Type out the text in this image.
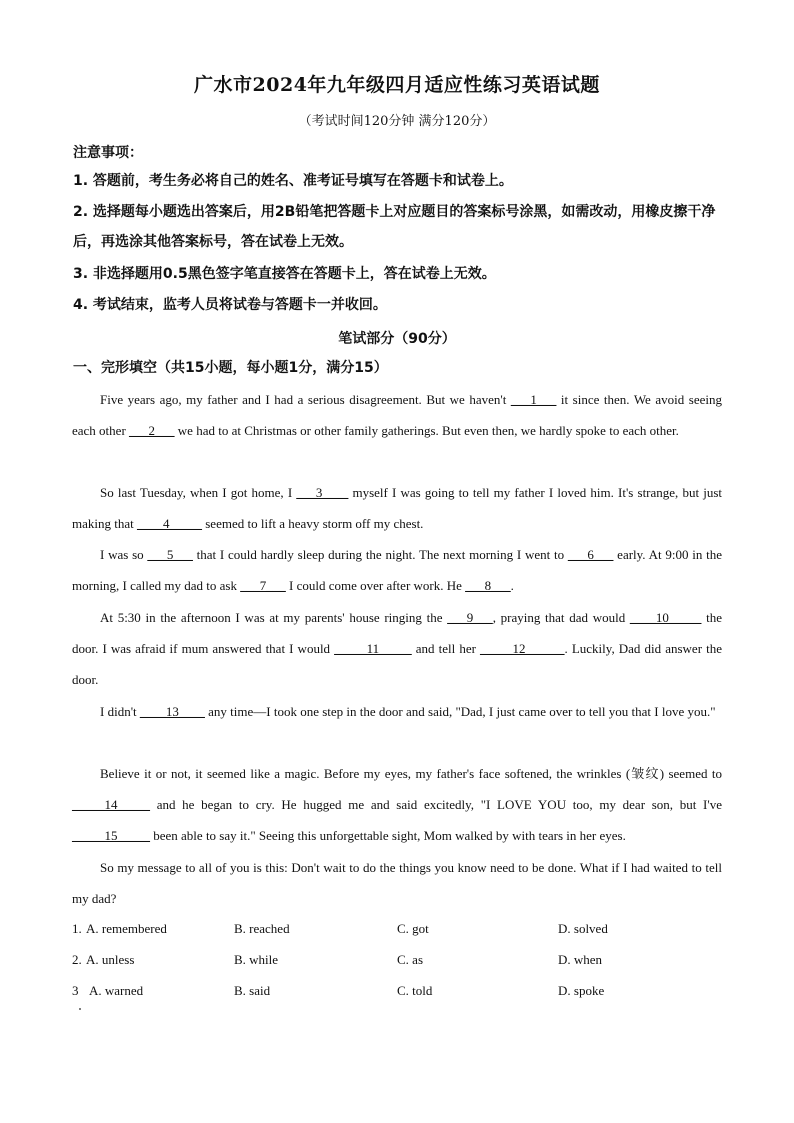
广水市2024年九年级四月适应性练习英语试题
（考试时间120分钟 满分120分）
注意事项：
1. 答题前，考生务必将自己的姓名、准考证号填写在答题卡和试卷上。
2. 选择题每小题选出答案后，用2B铅笔把答题卡上对应题目的答案标号涂黑，如需改动，用橡皮擦干净后，再选涂其他答案标号，答在试卷上无效。
3. 非选择题用0.5黑色签字笔直接答在答题卡上，答在试卷上无效。
4. 考试结束，监考人员将试卷与答题卡一并收回。
笔试部分（90分）
一、完形填空（共15小题，每小题1分，满分15）
Five years ago, my father and I had a serious disagreement. But we haven't ___1___ it since then. We avoid seeing each other ___2___ we had to at Christmas or other family gatherings. But even then, we hardly spoke to each other.
So last Tuesday, when I got home, I ___3____ myself I was going to tell my father I loved him. It's strange, but just making that ____4_____ seemed to lift a heavy storm off my chest.
I was so ___5___ that I could hardly sleep during the night. The next morning I went to ___6___ early. At 9:00 in the morning, I called my dad to ask ___7___ I could come over after work. He ___8___.
At 5:30 in the afternoon I was at my parents' house ringing the ___9___, praying that dad would ____10_____ the door. I was afraid if mum answered that I would _____11_____ and tell her _____12______. Luckily, Dad did answer the door.
I didn't ____13____ any time—I took one step in the door and said, "Dad, I just came over to tell you that I love you."
Believe it or not, it seemed like a magic. Before my eyes, my father's face softened, the wrinkles (皱纹) seemed to _____14_____ and he began to cry. He hugged me and said excitedly, "I LOVE YOU too, my dear son, but I've _____15_____ been able to say it." Seeing this unforgettable sight, Mom walked by with tears in her eyes.
So my message to all of you is this: Don't wait to do the things you know need to be done. What if I had waited to tell my dad?
1. A. remembered	B. reached	C. got	D. solved
2. A. unless	B. while	C. as	D. when
3 A. warned	B. said	C. told	D. spoke
